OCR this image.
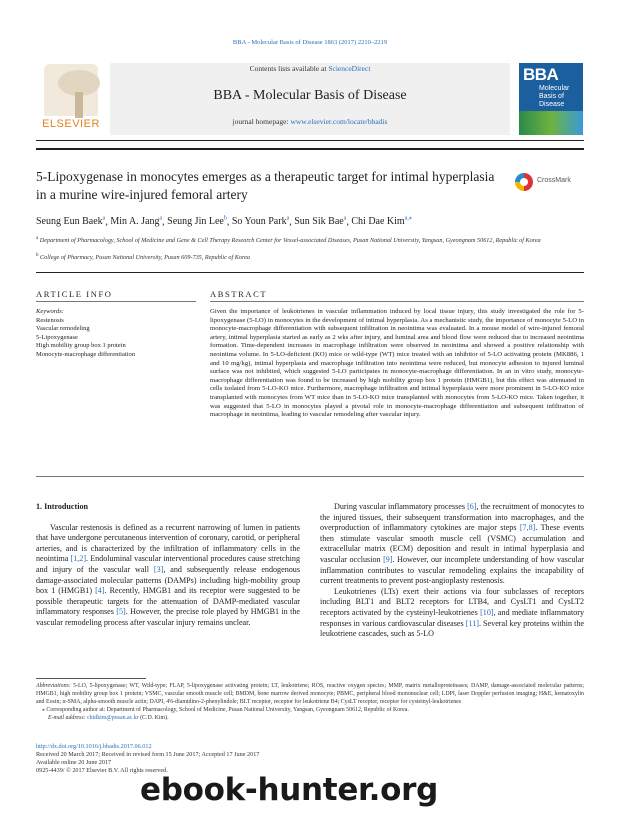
BBA - Molecular Basis of Disease 1863 (2017) 2210–2219
ELSEVIER
Contents lists available at ScienceDirect
BBA - Molecular Basis of Disease
journal homepage: www.elsevier.com/locate/bbadis
BBA
Molecular
Basis of
Disease
5-Lipoxygenase in monocytes emerges as a therapeutic target for intimal hyperplasia in a murine wire-injured femoral artery
CrossMark
Seung Eun Baek$^a$, Min A. Jang$^a$, Seung Jin Lee$^b$, So Youn Park$^a$, Sun Sik Bae$^a$, Chi Dae Kim$^{a,⁎}$
$^a$ Department of Pharmacology, School of Medicine and Gene & Cell Therapy Research Center for Vessel-associated Diseases, Pusan National University, Yangsan, Gyeongnam 50612, Republic of Korea
$^b$ College of Pharmacy, Pusan National University, Pusan 609-735, Republic of Korea
ARTICLE INFO	ABSTRACT
Keywords:
Restenosis
Vascular remodeling
5-Lipoxygenase
High mobility group box 1 protein
Monocyte-macrophage differentiation
Given the importance of leukotrienes in vascular inflammation induced by local tissue injury, this study investigated the role for 5-lipoxygenase (5-LO) in monocytes in the development of intimal hyperplasia. As a mechanistic study, the importance of monocyte 5-LO in monocyte-macrophage differentiation with subsequent infiltration in neointima was evaluated. In a mouse model of wire-injured femoral artery, intimal hyperplasia started as early as 2 wks after injury, and luminal area and blood flow were reduced due to increased neointima formation. Time-dependent increases in macrophage infiltration were observed in neointima and showed a positive relationship with neointima volume. In 5-LO-deficient (KO) mice or wild-type (WT) mice treated with an inhibitor of 5-LO activating protein (MK886, 1 and 10 mg/kg), intimal hyperplasia and macrophage infiltration into neointima were reduced, but monocyte adhesion to injured luminal surface was not inhibited, which suggested 5-LO participates in monocyte-macrophage differentiation. In an in vitro study, monocyte-macrophage differentiation was found to be increased by high mobility group box 1 protein (HMGB1), but this effect was attenuated in cells isolated from 5-LO-KO mice. Furthermore, macrophage infiltration and intimal hyperplasia were more prominent in 5-LO-KO mice transplanted with monocytes from WT mice than in 5-LO-KO mice transplanted with monocytes from 5-LO-KO mice. Taken together, it was suggested that 5-LO in monocytes played a pivotal role in monocyte-macrophage differentiation and subsequent infiltration of macrophage in neointima, leading to vascular remodeling after vascular injury.
1. Introduction

Vascular restenosis is defined as a recurrent narrowing of lumen in patients that have undergone percutaneous intervention of coronary, carotid, or peripheral arteries, and is characterized by the infiltration of inflammatory cells in the neointima [1,2]. Endoluminal vascular interventional procedures cause stretching and injury of the vascular wall [3], and subsequently release endogenous damage-associated molecular patterns (DAMPs) including high-mobility group box 1 (HMGB1) [4]. Recently, HMGB1 and its receptor were suggested to be possible therapeutic targets for the attenuation of DAMP-mediated vascular inflammatory responses [5]. However, the precise role played by HMGB1 in the vascular remodeling process after vascular injury remains unclear.

During vascular inflammatory processes [6], the recruitment of monocytes to the injured tissues, their subsequent transformation into macrophages, and the overproduction of inflammatory cytokines are major steps [7,8]. These events then stimulate vascular smooth muscle cell (VSMC) accumulation and extracellular matrix (ECM) deposition and result in intimal hyperplasia and vascular occlusion [9]. However, our incomplete understanding of how vascular inflammation contributes to vascular remodeling explains the incapability of current treatments to prevent post-angioplasty restenosis.

Leukotrienes (LTs) exert their actions via four subclasses of receptors including BLT1 and BLT2 receptors for LTB4, and CysLT1 and CysLT2 receptors activated by the cysteinyl-leukotrienes [10], and mediate inflammatory responses in various cardiovascular diseases [11]. Several key proteins within the leukotriene cascades, such as 5-LO

Abbreviations: 5-LO, 5-lipoxygenase; WT, Wild-type; FLAP, 5-lipoxygenase activating protein; LT, leukotriene; ROS, reactive oxygen species; MMP, matrix metalloproteinases; DAMP, damage-associated molecular patterns; HMGB1, high mobility group box 1 protein; VSMC, vascular smooth muscle cell; BMDM, bone marrow derived monocyte; PBMC, peripheral blood mononuclear cell; LDPI, laser Doppler perfusion imaging; H&E, hematoxylin and Eosin; α-SMA, alpha-smooth muscle actin; DAPI, 4'6-diamidino-2-phenylindole; BLT receptor, receptor for leukotriene B4; CysLT receptor, receptor for cysteinyl-leukotrienes
⁎ Corresponding author at: Department of Pharmacology, School of Medicine, Pusan National University, Yangsan, Gyeongnam 50612, Republic of Korea.
E-mail address: chidkim@pusan.ac.kr (C.D. Kim).
http://dx.doi.org/10.1016/j.bbadis.2017.06.012
Received 20 March 2017; Received in revised form 15 June 2017; Accepted 17 June 2017
Available online 20 June 2017
0925-4439/ © 2017 Elsevier B.V. All rights reserved.
ebook-hunter.org
